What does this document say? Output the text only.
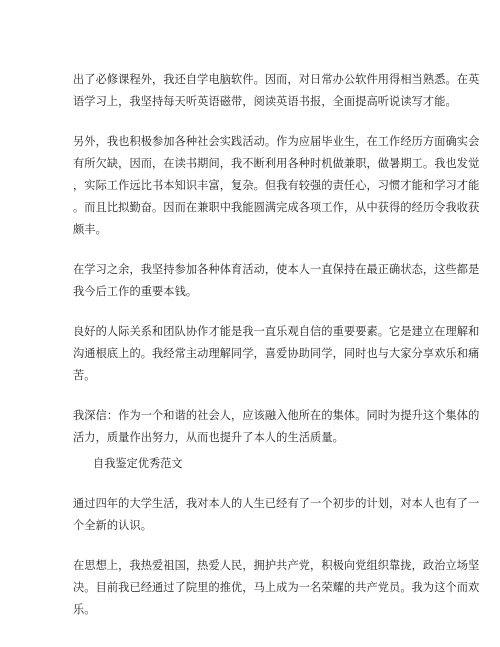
出了必修课程外，我还自学电脑软件。因而，对日常办公软件用得相当熟悉。在英
语学习上，我坚持每天听英语磁带，阅读英语书报，全面提高听说读写才能。
另外，我也积极参加各种社会实践活动。作为应届毕业生，在工作经历方面确实会
有所欠缺，因而，在读书期间，我不断利用各种时机做兼职，做暑期工。我也发觉
，实际工作远比书本知识丰富，复杂。但我有较强的责任心，习惯才能和学习才能
。而且比拟勤奋。因而在兼职中我能圆满完成各项工作，从中获得的经历令我收获
颇丰。
在学习之余，我坚持参加各种体育活动，使本人一直保持在最正确状态，这些都是
我今后工作的重要本钱。
良好的人际关系和团队协作才能是我一直乐观自信的重要要素。它是建立在理解和
沟通根底上的。我经常主动理解同学，喜爱协助同学，同时也与大家分享欢乐和痛
苦。
我深信：作为一个和谐的社会人，应该融入他所在的集体。同时为提升这个集体的
活力，质量作出努力，从而也提升了本人的生活质量。
自我鉴定优秀范文
通过四年的大学生活，我对本人的人生已经有了一个初步的计划，对本人也有了一
个全新的认识。
在思想上，我热爱祖国，热爱人民，拥护共产党，积极向党组织靠拢，政治立场坚
决。目前我已经通过了院里的推优，马上成为一名荣耀的共产党员。我为这个而欢
乐。
